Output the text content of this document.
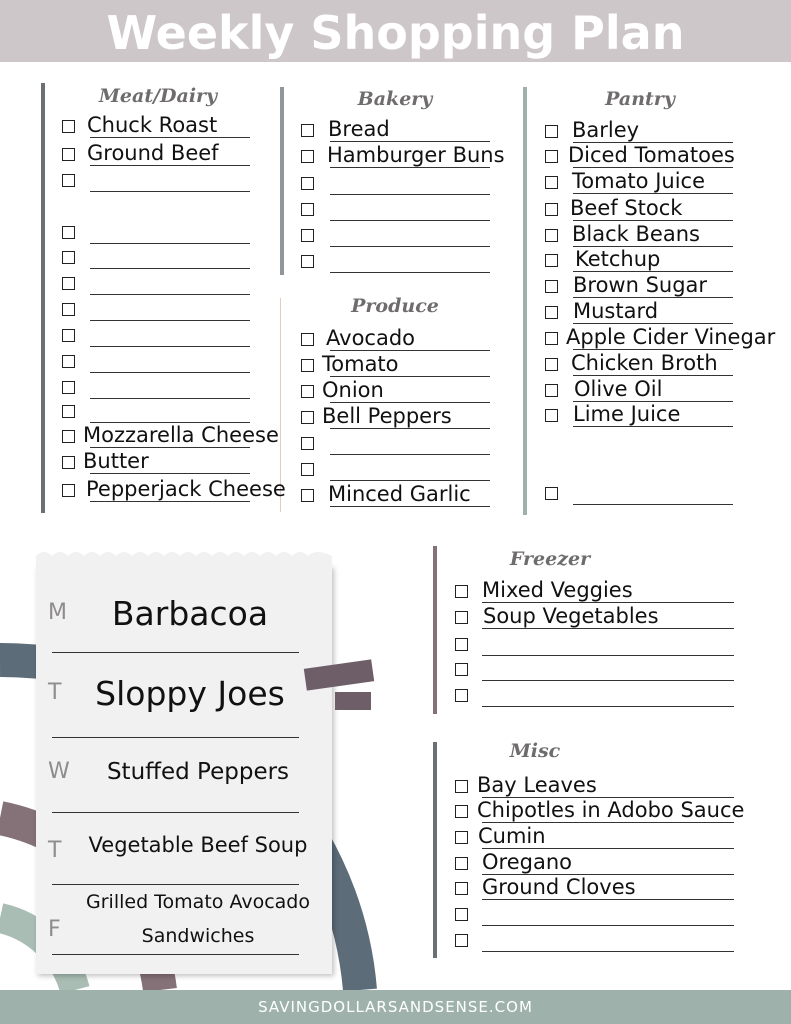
Weekly Shopping Plan
Meat/Dairy	Bakery
Produce
Pantry
Freezer
Misc
M
T
W
T
F
Barbacoa
Sloppy Joes
Stuffed Peppers
Vegetable Beef Soup
Grilled Tomato Avocado
Sandwiches
SAVINGDOLLARSANDSENSE.COM
Chuck Roast
Ground Beef
Mozzarella Cheese
Butter
Pepperjack Cheese
Bread
Hamburger Buns
Avocado
Tomato
Onion
Bell Peppers
Minced Garlic
Barley
Diced Tomatoes
Tomato Juice
Beef Stock
Black Beans
Ketchup
Brown Sugar
Mustard
Apple Cider Vinegar
Chicken Broth
Olive Oil
Lime Juice
Mixed Veggies
Soup Vegetables
Bay Leaves
Chipotles in Adobo Sauce
Cumin
Oregano
Ground Cloves
